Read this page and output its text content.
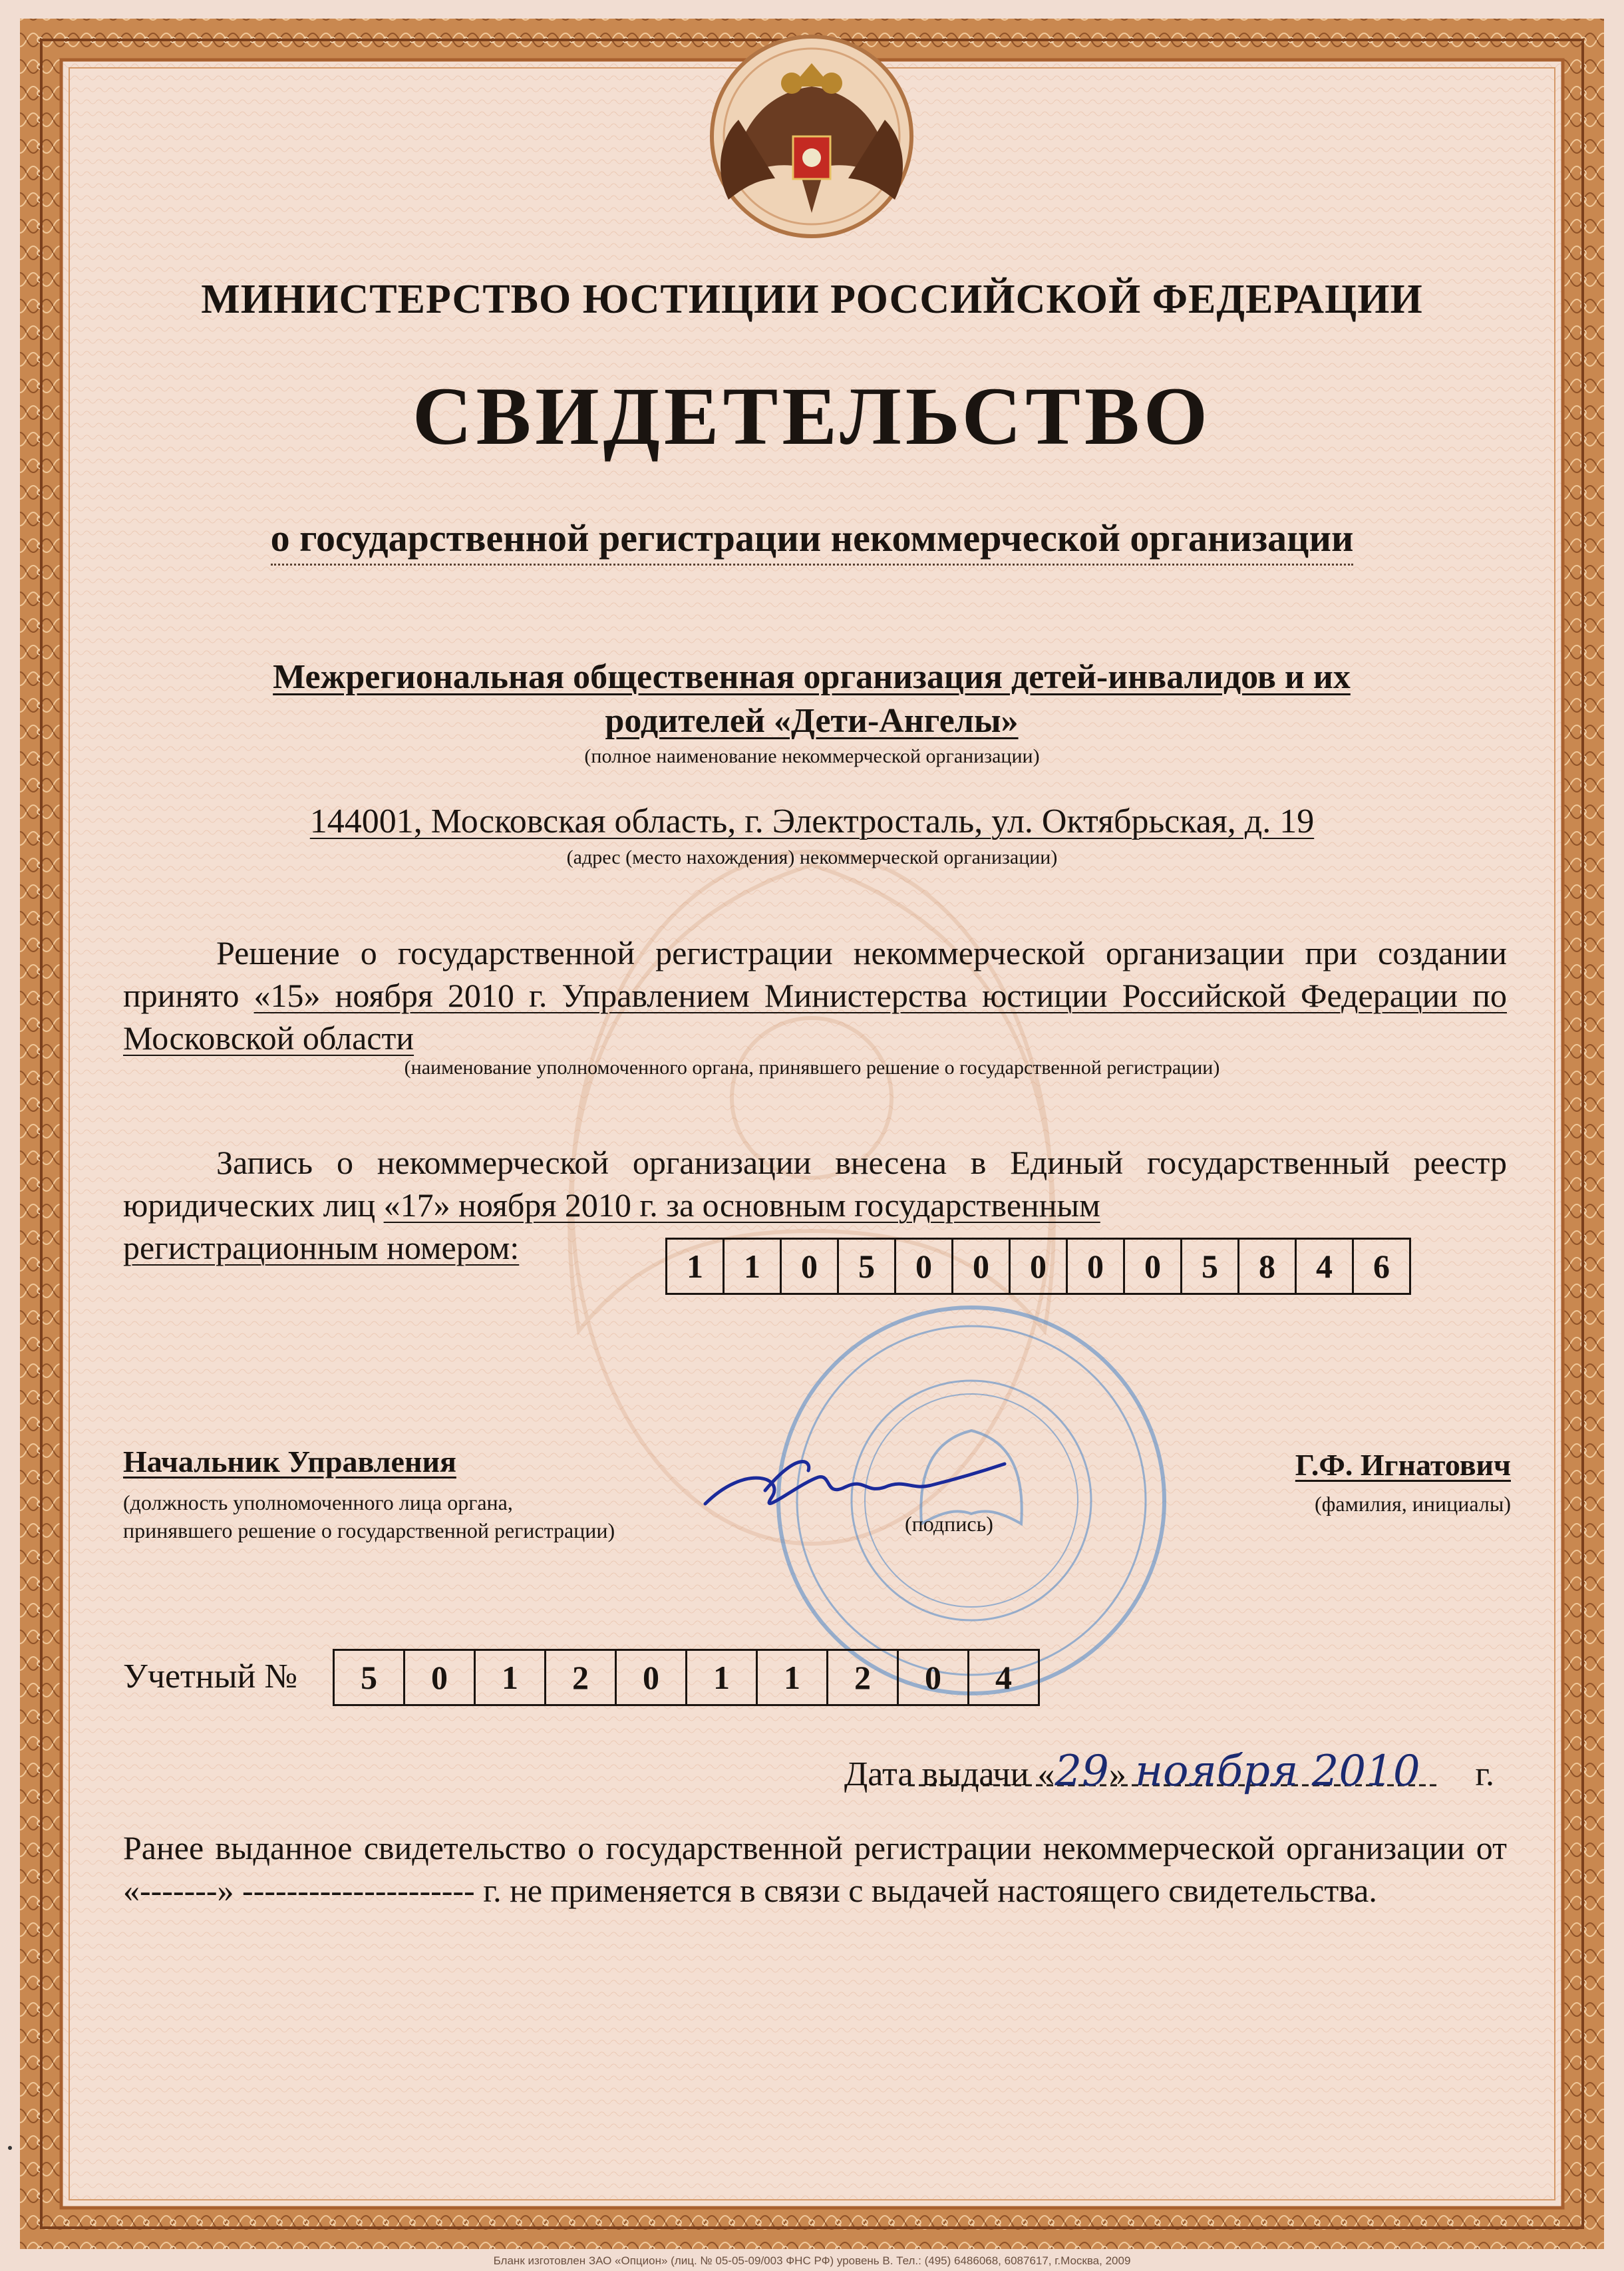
МИНИСТЕРСТВО ЮСТИЦИИ РОССИЙСКОЙ ФЕДЕРАЦИИ
СВИДЕТЕЛЬСТВО
о государственной регистрации некоммерческой организации
Межрегиональная общественная организация детей-инвалидов и их
родителей «Дети-Ангелы»
(полное наименование некоммерческой организации)
144001, Московская область, г. Электросталь, ул. Октябрьская, д. 19
(адрес (место нахождения) некоммерческой организации)
Решение о государственной регистрации некоммерческой организации при создании принято «15» ноября 2010 г. Управлением Министерства юстиции Российской Федерации по Московской области
(наименование уполномоченного органа, принявшего решение о государственной регистрации)
Запись о некоммерческой организации внесена в Единый государственный реестр юридических лиц «17» ноября 2010 г. за основным государственным
регистрационным номером:	1	1	0	5	0	0	0	0	0	5	8	4	6
Начальник Управления
(должность уполномоченного лица органа,
принявшего решение о государственной регистрации)	(подпись)
Г.Ф. Игнатович
(фамилия, инициалы)
Учетный №	5	0	1	2	0	1	1	2	0	4
Дата выдачи «29» ноября 2010 г.
Ранее выданное свидетельство о государственной регистрации некоммерческой организации от «-------» --------------------- г. не применяется в связи с выдачей настоящего свидетельства.
Бланк изготовлен ЗАО «Опцион» (лиц. № 05-05-09/003 ФНС РФ) уровень В. Тел.: (495) 6486068, 6087617, г.Москва, 2009
